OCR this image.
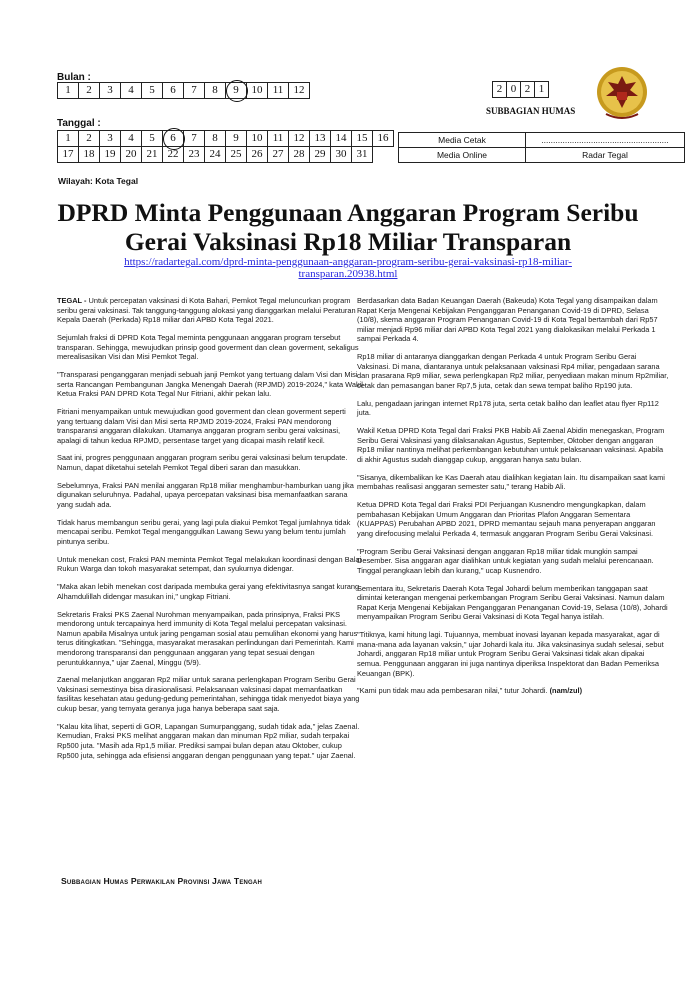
Bulan :
1	2	3	4	5	6	7	8	9	10	11	12
Tanggal :
1	2	3	4	5	6	7	8	9	10	11	12	13	14	15	16
17	18	19	20	21	22	23	24	25	26	27	28	29	30	31	
2	0	2	1
SUBBAGIAN HUMAS
Media Cetak	......................................................
Media Online	Radar Tegal
Wilayah: Kota Tegal
DPRD Minta Penggunaan Anggaran Program Seribu
Gerai Vaksinasi Rp18 Miliar Transparan
https://radartegal.com/dprd-minta-penggunaan-anggaran-program-seribu-gerai-vaksinasi-rp18-miliar-
transparan.20938.html

TEGAL - Untuk percepatan vaksinasi di Kota Bahari, Pemkot Tegal meluncurkan program seribu gerai vaksinasi. Tak tanggung-tanggung alokasi yang dianggarkan melalui Peraturan Kepala Daerah (Perkada) Rp18 miliar dari APBD Kota Tegal 2021.

Sejumlah fraksi di DPRD Kota Tegal meminta penggunaan anggaran program tersebut transparan. Sehingga, mewujudkan prinsip good goverment dan clean goverment, sekaligus merealisasikan Visi dan Misi Pemkot Tegal.

"Transparasi penganggaran menjadi sebuah janji Pemkot yang tertuang dalam Visi dan Misi serta Rancangan Pembangunan Jangka Menengah Daerah (RPJMD) 2019-2024," kata Wakil Ketua Fraksi PAN DPRD Kota Tegal Nur Fitriani, akhir pekan lalu.

Fitriani menyampaikan untuk mewujudkan good goverment dan clean goverment seperti yang tertuang dalam Visi dan Misi serta RPJMD 2019-2024, Fraksi PAN mendorong transparansi anggaran dilakukan. Utamanya anggaran program seribu gerai vaksinasi, apalagi di tahun kedua RPJMD, persentase target yang dicapai masih relatif kecil.

Saat ini, progres penggunaan anggaran program seribu gerai vaksinasi belum terupdate. Namun, dapat diketahui setelah Pemkot Tegal diberi saran dan masukkan.

Sebelumnya, Fraksi PAN menilai anggaran Rp18 miliar menghambur-hamburkan uang jika digunakan seluruhnya. Padahal, upaya percepatan vaksinasi bisa memanfaatkan sarana yang sudah ada.

Tidak harus membangun seribu gerai, yang lagi pula diakui Pemkot Tegal jumlahnya tidak mencapai seribu. Pemkot Tegal menganggulkan Lawang Sewu yang belum tentu jumlah pintunya seribu.

Untuk menekan cost, Fraksi PAN meminta Pemkot Tegal melakukan koordinasi dengan Balai Rukun Warga dan tokoh masyarakat setempat, dan syukurnya didengar.

"Maka akan lebih menekan cost daripada membuka gerai yang efektivitasnya sangat kurang. Alhamdulillah didengar masukan ini," ungkap Fitriani.

Sekretaris Fraksi PKS Zaenal Nurohman menyampaikan, pada prinsipnya, Fraksi PKS mendorong untuk tercapainya herd immunity di Kota Tegal melalui percepatan vaksinasi. Namun apabila Misalnya untuk jaring pengaman sosial atau pemulihan ekonomi yang harus terus ditingkatkan. "Sehingga, masyarakat merasakan perlindungan dari Pemerintah. Kami mendorong transparansi dan penggunaan anggaran yang tepat sesuai dengan peruntukkannya," ujar Zaenal, Minggu (5/9).

Zaenal melanjutkan anggaran Rp2 miliar untuk sarana perlengkapan Program Seribu Gerai Vaksinasi semestinya bisa dirasionalisasi. Pelaksanaan vaksinasi dapat memanfaatkan fasilitas kesehatan atau gedung-gedung pemerintahan, sehingga tidak menyedot biaya yang cukup besar, yang ternyata geranya juga hanya beberapa saat saja.

"Kalau kita lihat, seperti di GOR, Lapangan Sumurpanggang, sudah tidak ada," jelas Zaenal. Kemudian, Fraksi PKS melihat anggaran makan dan minuman Rp2 miliar, sudah terpakai Rp500 juta. "Masih ada Rp1,5 miliar. Prediksi sampai bulan depan atau Oktober, cukup Rp500 juta, sehingga ada efisiensi anggaran dengan penggunaan yang tepat." ujar Zaenal.

Berdasarkan data Badan Keuangan Daerah (Bakeuda) Kota Tegal yang disampaikan dalam Rapat Kerja Mengenai Kebijakan Penganggaran Penanganan Covid-19 di DPRD, Selasa (10/8), skema anggaran Program Penanganan Covid-19 di Kota Tegal bertambah dari Rp57 miliar menjadi Rp96 miliar dari APBD Kota Tegal 2021 yang dialokasikan melalui Perkada 1 sampai Perkada 4.

Rp18 miliar di antaranya dianggarkan dengan Perkada 4 untuk Program Seribu Gerai Vaksinasi. Di mana, diantaranya untuk pelaksanaan vaksinasi Rp4 miliar, pengadaan sarana dan prasarana Rp9 miliar, sewa perlengkapan Rp2 miliar, penyediaan makan minum Rp2miliar, cetak dan pemasangan baner Rp7,5 juta, cetak dan sewa tempat baliho Rp190 juta.

Lalu, pengadaan jaringan internet Rp178 juta, serta cetak baliho dan leaflet atau flyer Rp112 juta.

Wakil Ketua DPRD Kota Tegal dari Fraksi PKB Habib Ali Zaenal Abidin menegaskan, Program Seribu Gerai Vaksinasi yang dilaksanakan Agustus, September, Oktober dengan anggaran Rp18 miliar nantinya melihat perkembangan kebutuhan untuk pelaksanaan vaksinasi. Apabila di akhir Agustus sudah dianggap cukup, anggaran hanya satu bulan.

"Sisanya, dikembalikan ke Kas Daerah atau dialihkan kegiatan lain. Itu disampaikan saat kami membahas realisasi anggaran semester satu," terang Habib Ali.

Ketua DPRD Kota Tegal dari Fraksi PDI Perjuangan Kusnendro mengungkapkan, dalam pembahasan Kebijakan Umum Anggaran dan Prioritas Plafon Anggaran Sementara (KUAPPAS) Perubahan APBD 2021, DPRD memantau sejauh mana penyerapan anggaran yang direfocusing melalui Perkada 4, termasuk anggaran Program Seribu Gerai Vaksinasi.

"Program Seribu Gerai Vaksinasi dengan anggaran Rp18 miliar tidak mungkin sampai Desember. Sisa anggaran agar dialihkan untuk kegiatan yang sudah melalui perencanaan. Tinggal perangkaan lebih dan kurang," ucap Kusnendro.

Sementara itu, Sekretaris Daerah Kota Tegal Johardi belum memberikan tanggapan saat dimintai keterangan mengenai perkembangan Program Seribu Gerai Vaksinasi. Namun dalam Rapat Kerja Mengenai Kebijakan Penganggaran Penanganan Covid-19, Selasa (10/8), Johardi menyampaikan Program Seribu Gerai Vaksinasi di Kota Tegal hanya istilah.

"Titiknya, kami hitung lagi. Tujuannya, membuat inovasi layanan kepada masyarakat, agar di mana-mana ada layanan vaksin," ujar Johardi kala itu. Jika vaksinasinya sudah selesai, sebut Johardi, anggaran Rp18 miliar untuk Program Seribu Gerai Vaksinasi tidak akan dipakai semua. Penggunaan anggaran ini juga nantinya diperiksa Inspektorat dan Badan Pemeriksa Keuangan (BPK).

"Kami pun tidak mau ada pembesaran nilai," tutur Johardi. (nam/zul)

Subbagian Humas Perwakilan Provinsi Jawa Tengah
